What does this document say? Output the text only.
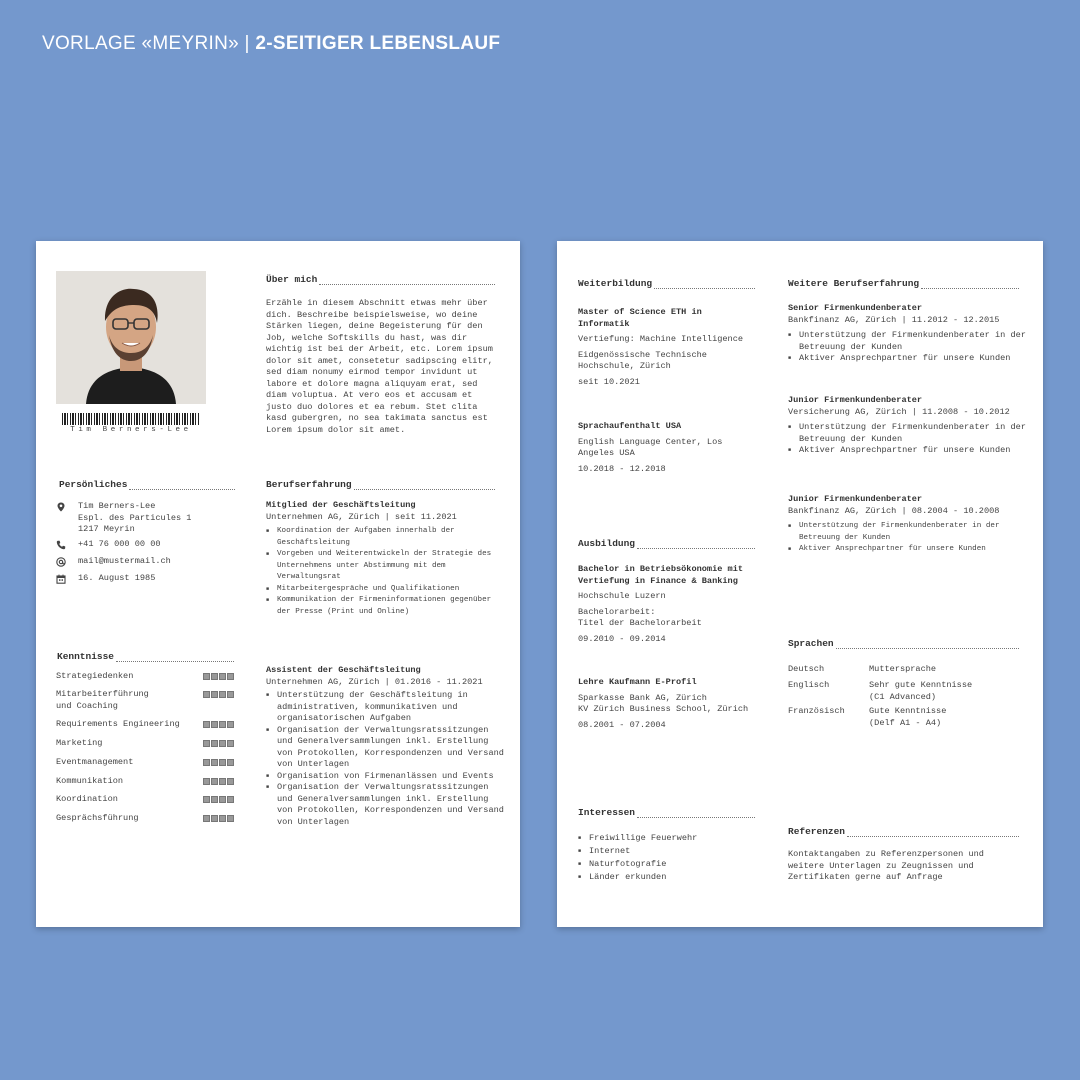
VORLAGE «MEYRIN» | 2-SEITIGER LEBENSLAUF
Tim Berners-Lee
Über mich
Erzähle in diesem Abschnitt etwas mehr über dich. Beschreibe beispielsweise, wo deine Stärken liegen, deine Begeisterung für den Job, welche Softskills du hast, was dir wichtig ist bei der Arbeit, etc. Lorem ipsum dolor sit amet, consetetur sadipscing elitr, sed diam nonumy eirmod tempor invidunt ut labore et dolore magna aliquyam erat, sed diam voluptua. At vero eos et accusam et justo duo dolores et ea rebum. Stet clita kasd gubergren, no sea takimata sanctus est Lorem ipsum dolor sit amet.
Persönliches
Tim Berners-Lee
Espl. des Particules 1
1217 Meyrin
+41 76 000 00 00
mail@mustermail.ch
16. August 1985
Kenntnisse
Strategiedenken
Mitarbeiterführung
und Coaching
Requirements Engineering
Marketing
Eventmanagement
Kommunikation
Koordination
Gesprächsführung
Berufserfahrung
Mitglied der Geschäftsleitung
Unternehmen AG, Zürich | seit 11.2021
■ Koordination der Aufgaben innerhalb der Geschäftsleitung
■ Vorgeben und Weiterentwickeln der Strategie des Unternehmens unter Abstimmung mit dem Verwaltungsrat
■ Mitarbeitergespräche und Qualifikationen
■ Kommunikation der Firmeninformationen gegenüber der Presse (Print und Online)
Assistent der Geschäftsleitung
Unternehmen AG, Zürich | 01.2016 - 11.2021
■ Unterstützung der Geschäftsleitung in administrativen, kommunikativen und organisatorischen Aufgaben
■ Organisation der Verwaltungsratssitzungen und Generalversammlungen inkl. Erstellung von Protokollen, Korrespondenzen und Versand von Unterlagen
■ Organisation von Firmenanlässen und Events
■ Organisation der Verwaltungsratssitzungen und Generalversammlungen inkl. Erstellung von Protokollen, Korrespondenzen und Versand von Unterlagen
Weiterbildung
Master of Science ETH in Informatik
Vertiefung: Machine Intelligence
Eidgenössische Technische Hochschule, Zürich
seit 10.2021
Sprachaufenthalt USA
English Language Center, Los Angeles USA
10.2018 - 12.2018
Ausbildung
Bachelor in Betriebsökonomie mit Vertiefung in Finance & Banking
Hochschule Luzern
Bachelorarbeit:
Titel der Bachelorarbeit
09.2010 - 09.2014
Lehre Kaufmann E-Profil
Sparkasse Bank AG, Zürich
KV Zürich Business School, Zürich
08.2001 - 07.2004
Interessen
■ Freiwillige Feuerwehr
■ Internet
■ Naturfotografie
■ Länder erkunden
Weitere Berufserfahrung
Senior Firmenkundenberater
Bankfinanz AG, Zürich | 11.2012 - 12.2015
■ Unterstützung der Firmenkundenberater in der Betreuung der Kunden
■ Aktiver Ansprechpartner für unsere Kunden
Junior Firmenkundenberater
Versicherung AG, Zürich | 11.2008 - 10.2012
■ Unterstützung der Firmenkundenberater in der Betreuung der Kunden
■ Aktiver Ansprechpartner für unsere Kunden
Junior Firmenkundenberater
Bankfinanz AG, Zürich | 08.2004 - 10.2008
■ Unterstützung der Firmenkundenberater in der Betreuung der Kunden
■ Aktiver Ansprechpartner für unsere Kunden
Sprachen
Deutsch	Muttersprache
Englisch	Sehr gute Kenntnisse
(C1 Advanced)
Französisch	Gute Kenntnisse
(Delf A1 - A4)
Referenzen
Kontaktangaben zu Referenzpersonen und weitere Unterlagen zu Zeugnissen und Zertifikaten gerne auf Anfrage
